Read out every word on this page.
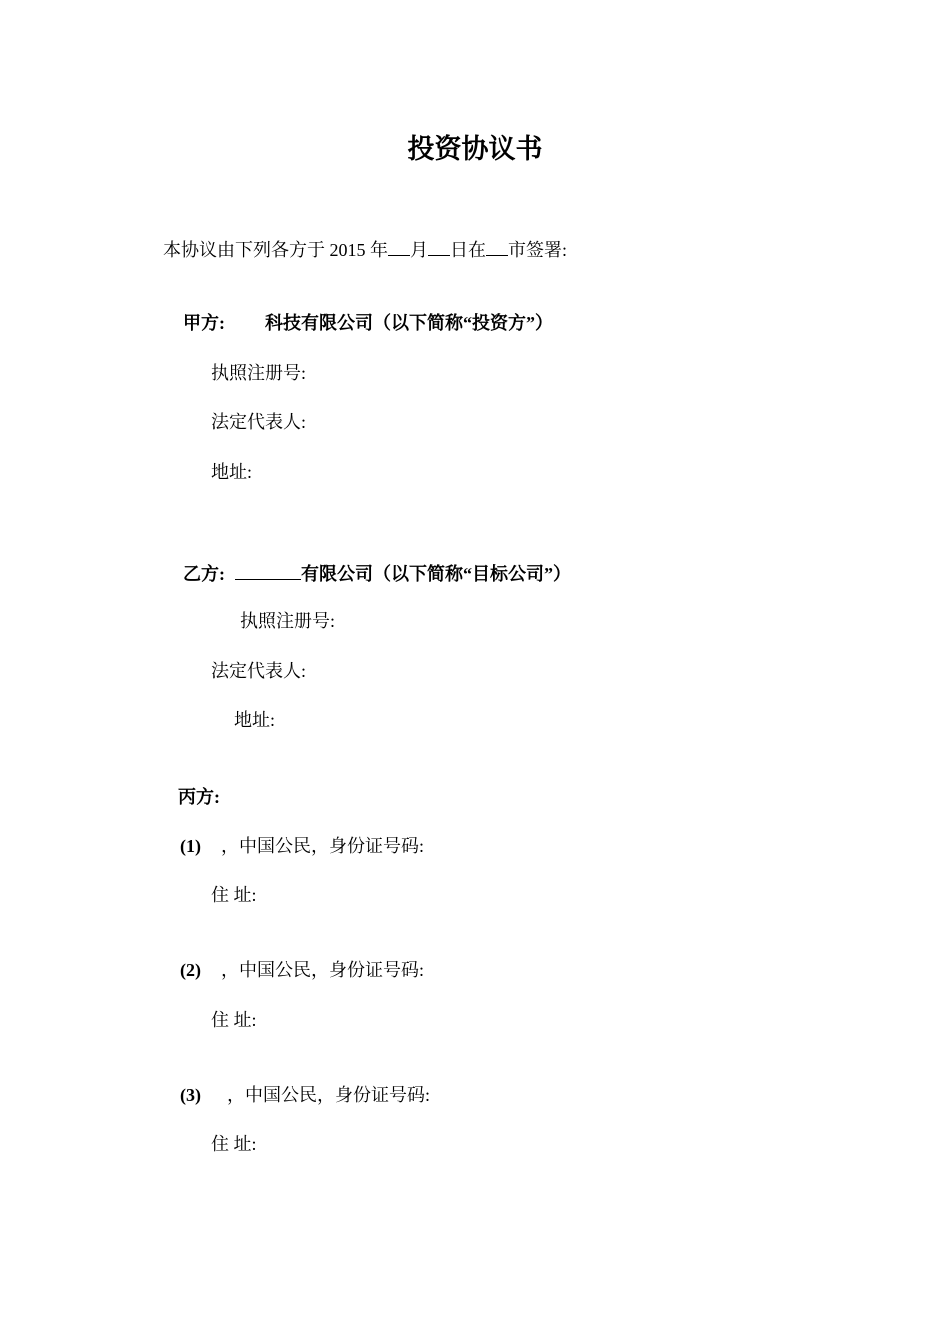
投资协议书
本协议由下列各方于 2015 年 月 日在 市签署:
甲方: 科技有限公司（以下简称“投资方”）
执照注册号:
法定代表人:
地址:
乙方:	有限公司（以下简称“目标公司”）
执照注册号:
法定代表人:
地址:
丙方:
(1) ，中国公民，身份证号码:
住 址:
(2) ，中国公民，身份证号码:
住 址:
(3) ，中国公民，身份证号码:
住 址:
